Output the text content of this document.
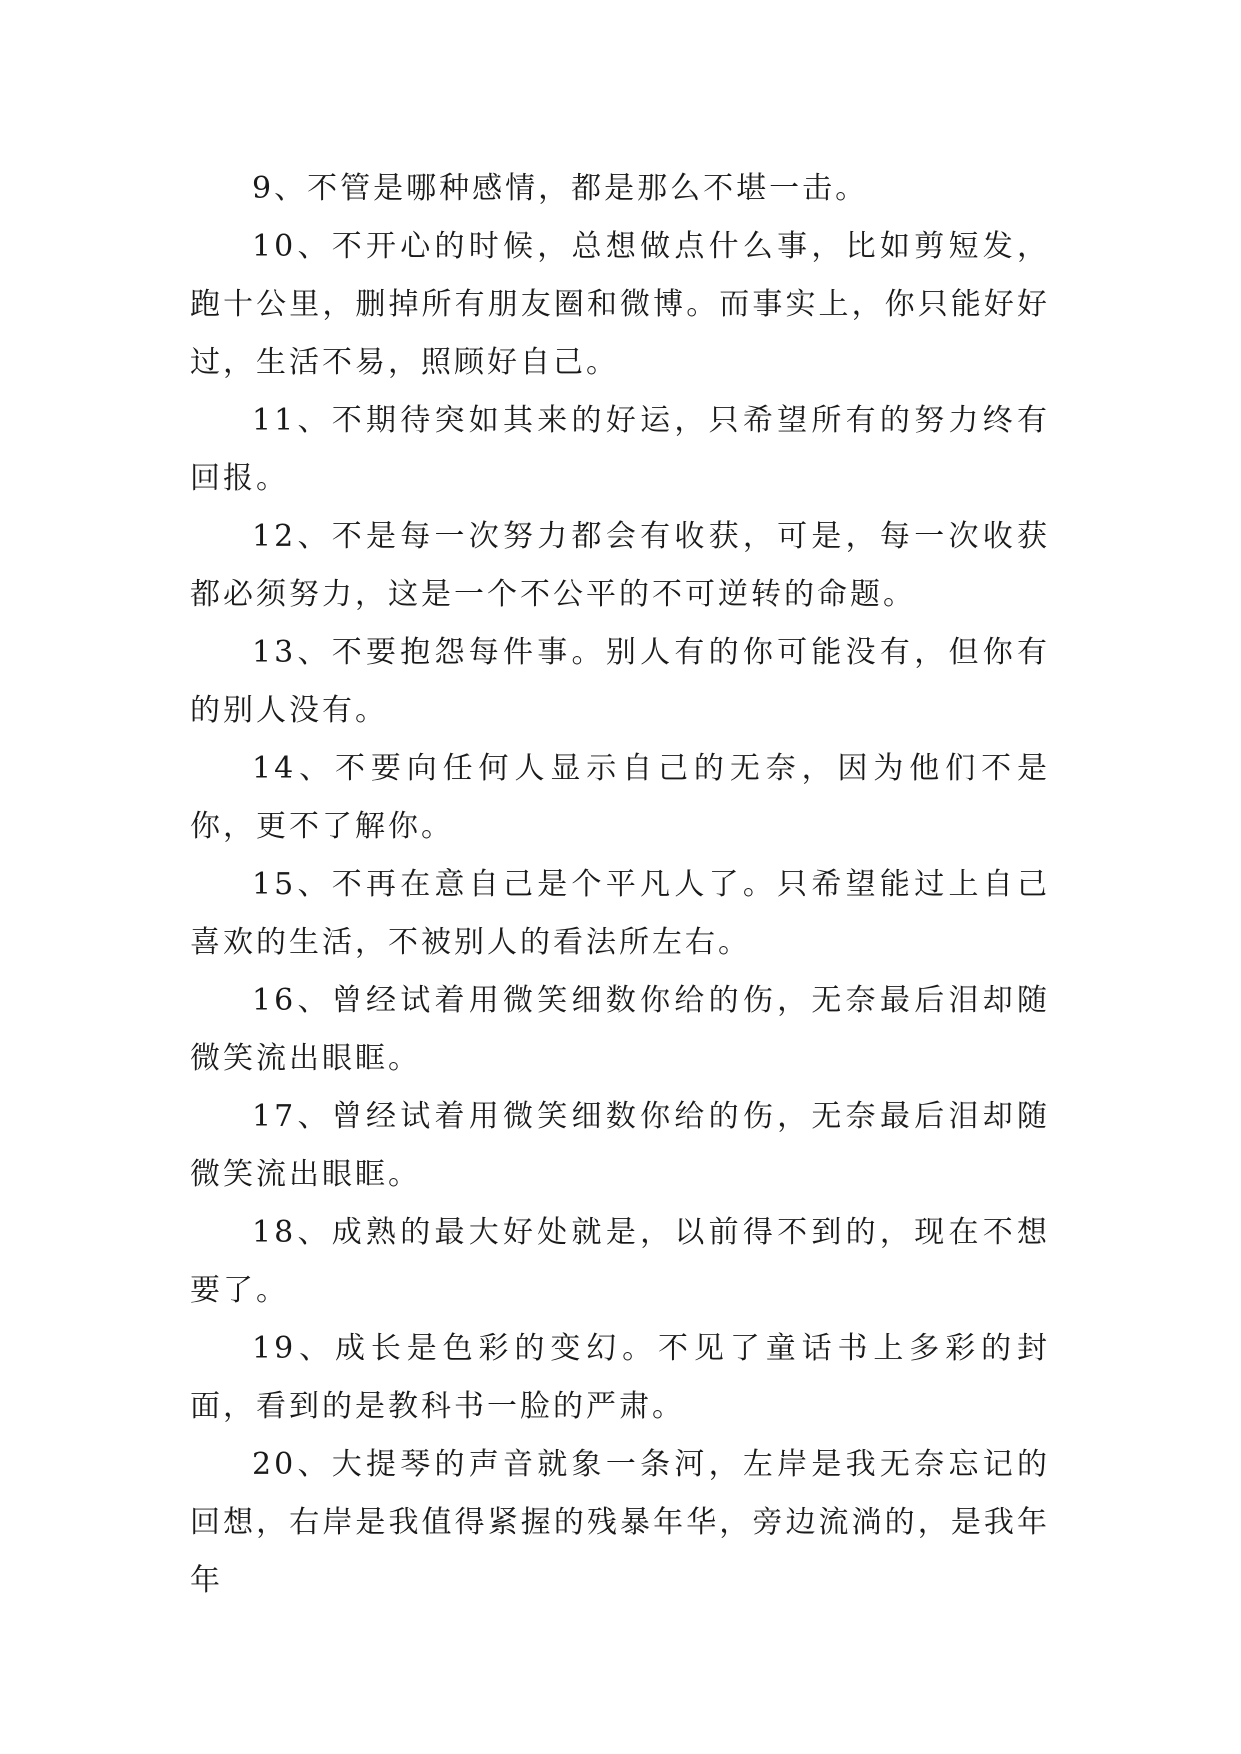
9、不管是哪种感情，都是那么不堪一击。

10、不开心的时候，总想做点什么事，比如剪短发，跑十公里，删掉所有朋友圈和微博。而事实上，你只能好好过，生活不易，照顾好自己。

11、不期待突如其来的好运，只希望所有的努力终有回报。

12、不是每一次努力都会有收获，可是，每一次收获都必须努力，这是一个不公平的不可逆转的命题。

13、不要抱怨每件事。别人有的你可能没有，但你有的别人没有。

14、不要向任何人显示自己的无奈，因为他们不是你，更不了解你。

15、不再在意自己是个平凡人了。只希望能过上自己喜欢的生活，不被别人的看法所左右。

16、曾经试着用微笑细数你给的伤，无奈最后泪却随微笑流出眼眶。

17、曾经试着用微笑细数你给的伤，无奈最后泪却随微笑流出眼眶。

18、成熟的最大好处就是，以前得不到的，现在不想要了。

19、成长是色彩的变幻。不见了童话书上多彩的封面，看到的是教科书一脸的严肃。

20、大提琴的声音就象一条河，左岸是我无奈忘记的回想，右岸是我值得紧握的残暴年华，旁边流淌的，是我年年
